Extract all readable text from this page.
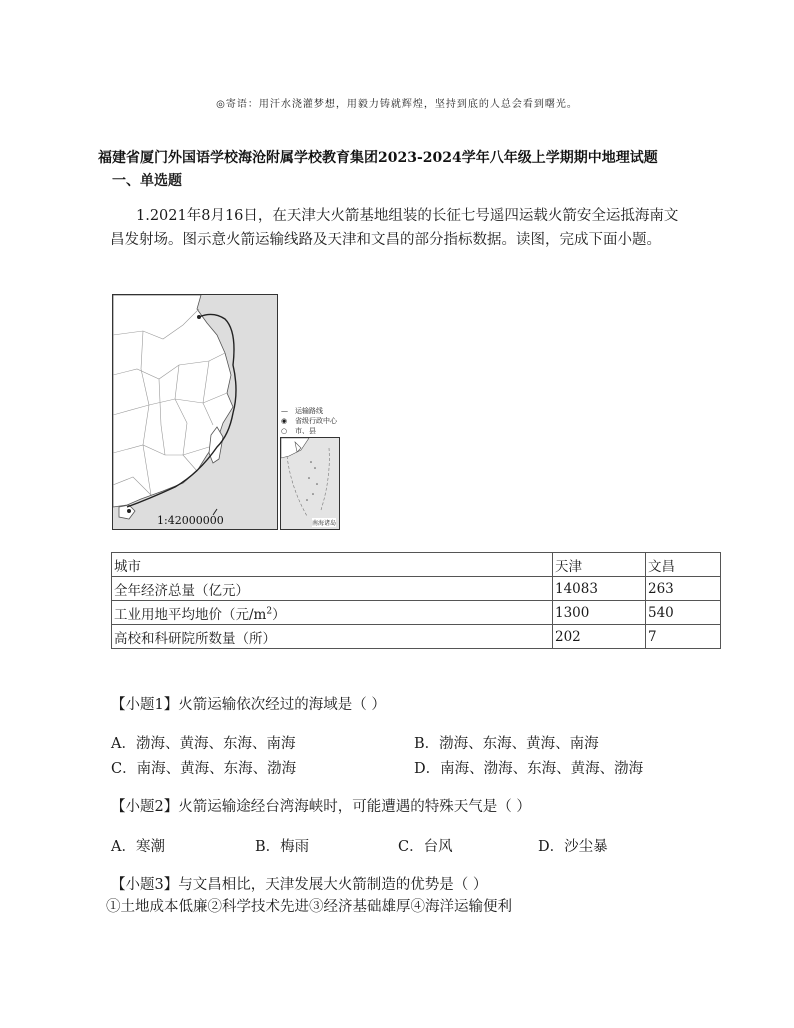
◎寄语：用汗水浇灌梦想，用毅力铸就辉煌，坚持到底的人总会看到曙光。
福建省厦门外国语学校海沧附属学校教育集团2023-2024学年八年级上学期期中地理试题
一、单选题
1.2021年8月16日，在天津大火箭基地组装的长征七号遥四运载火箭安全运抵海南文昌发射场。图示意火箭运输线路及天津和文昌的部分指标数据。读图，完成下面小题。
1:42000000
—	运输路线
◉	省级行政中心
○	市、县
南海诸岛
城市	天津	文昌
全年经济总量（亿元）	14083	263
工业用地平均地价（元$/m^2$）	1300	540
高校和科研院所数量（所）	202	7
【小题1】火箭运输依次经过的海域是（ ）
A．渤海、黄海、东海、南海	B．渤海、东海、黄海、南海
C．南海、黄海、东海、渤海	D．南海、渤海、东海、黄海、渤海
【小题2】火箭运输途经台湾海峡时，可能遭遇的特殊天气是（ ）
A．寒潮	B．梅雨	C．台风	D．沙尘暴
【小题3】与文昌相比，天津发展大火箭制造的优势是（ ）
①土地成本低廉②科学技术先进③经济基础雄厚④海洋运输便利
